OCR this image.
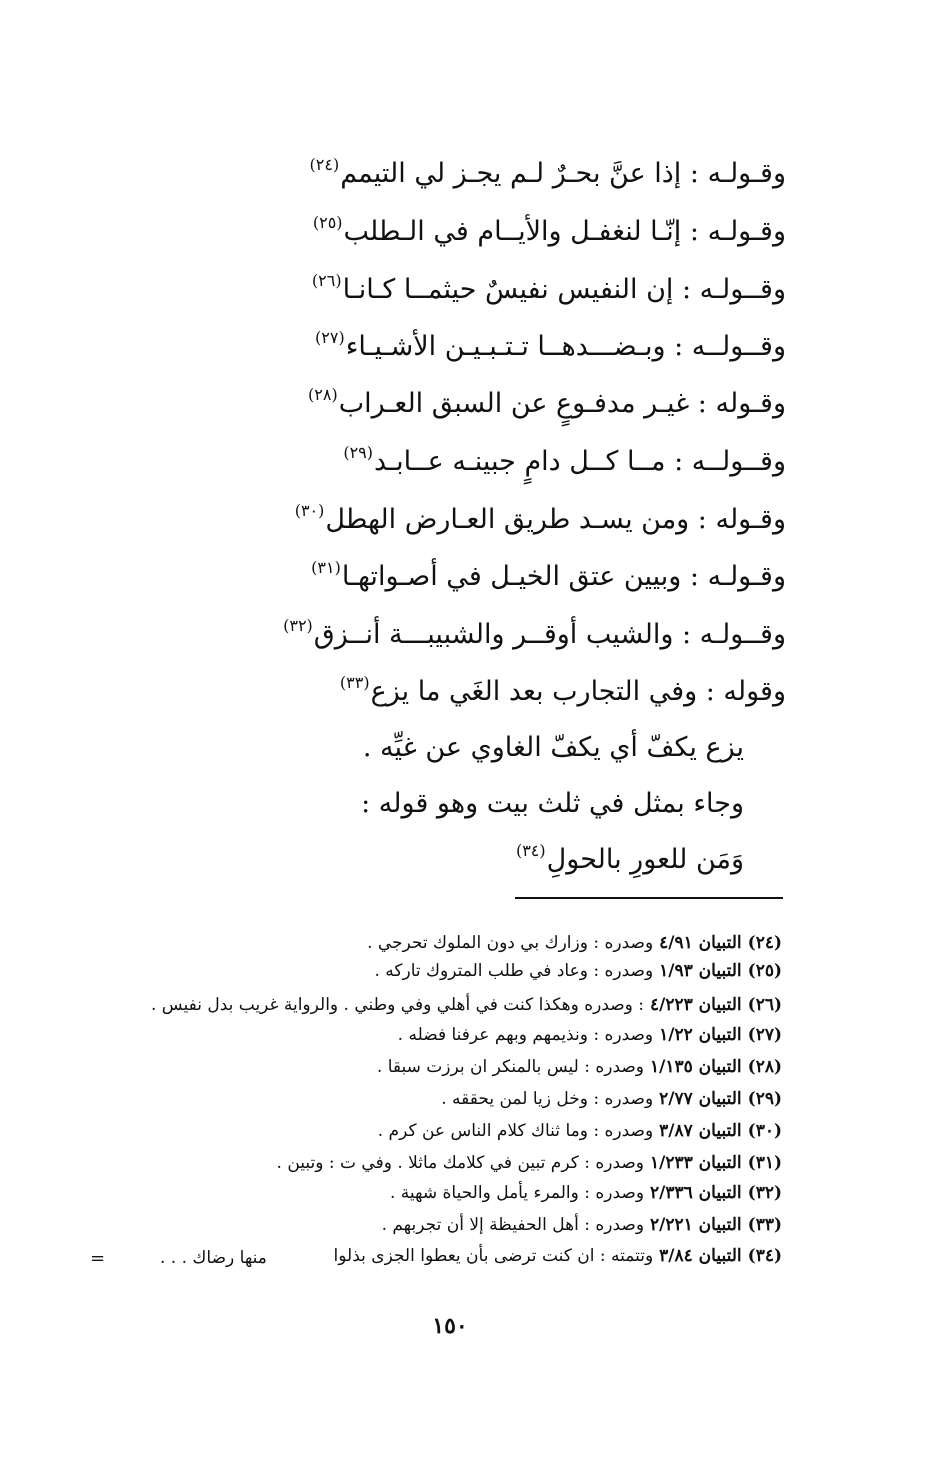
وقـولـه : إذا عنَّ بحـرٌ لـم يجـز لي التيمم$^{(٢٤)}$
وقـولـه : إنّـا لنغفـل والأيــام في الـطلب$^{(٢٥)}$
وقــولـه : إن النفيس نفيسٌ حيثمــا كـانـا$^{(٢٦)}$
وقــولــه : وبـضـــدهــا تـتـبـيـن الأشـيـاء$^{(٢٧)}$
وقـوله : غيـر مدفـوعٍ عن السبق العـراب$^{(٢٨)}$
وقــولــه : مــا كــل دامٍ جبينـه عــابـد$^{(٢٩)}$
وقـوله : ومن يسـد طريق العـارض الهطل$^{(٣٠)}$
وقـولـه : وبيين عتق الخيـل في أصـواتهـا$^{(٣١)}$
وقــولـه : والشيب أوقــر والشبيبـــة أنــزق$^{(٣٢)}$
وقوله : وفي التجارب بعد الغَي ما يزع$^{(٣٣)}$
يزع يكفّ أي يكفّ الغاوي عن غيِّه .
وجاء بمثل في ثلث بيت وهو قوله :
وَمَن للعورِ بالحولِ$^{(٣٤)}$
(٢٤)التبيان ٤/٩١وصدره : وزارك بي دون الملوك تحرجي .
(٢٥)التبيان ١/٩٣وصدره : وعاد في طلب المتروك تاركه .
(٢٦)التبيان ٤/٢٢٣: وصدره وهكذا كنت في أهلي وفي وطني . والرواية غريب بدل نفيس .
(٢٧)التبيان ١/٢٢وصدره : ونذيمهم وبهم عرفنا فضله .
(٢٨)التبيان ١/١٣٥وصدره : ليس بالمنكر ان برزت سبقا .
(٢٩)التبيان ٢/٧٧وصدره : وخل زيا لمن يحققه .
(٣٠)التبيان ٣/٨٧وصدره : وما ثناك كلام الناس عن كرم .
(٣١)التبيان ١/٢٣٣وصدره : كرم تبين في كلامك ماثلا . وفي ت : وتبين .
(٣٢)التبيان ٢/٣٣٦وصدره : والمرء يأمل والحياة شهية .
(٣٣)التبيان ٢/٢٢١وصدره : أهل الحفيظة إلا أن تجربهم .
(٣٤)التبيان ٣/٨٤وتتمته : ان كنت ترضى بأن يعطوا الجزى بذلوا
منها رضاك . . .
=
١٥٠
